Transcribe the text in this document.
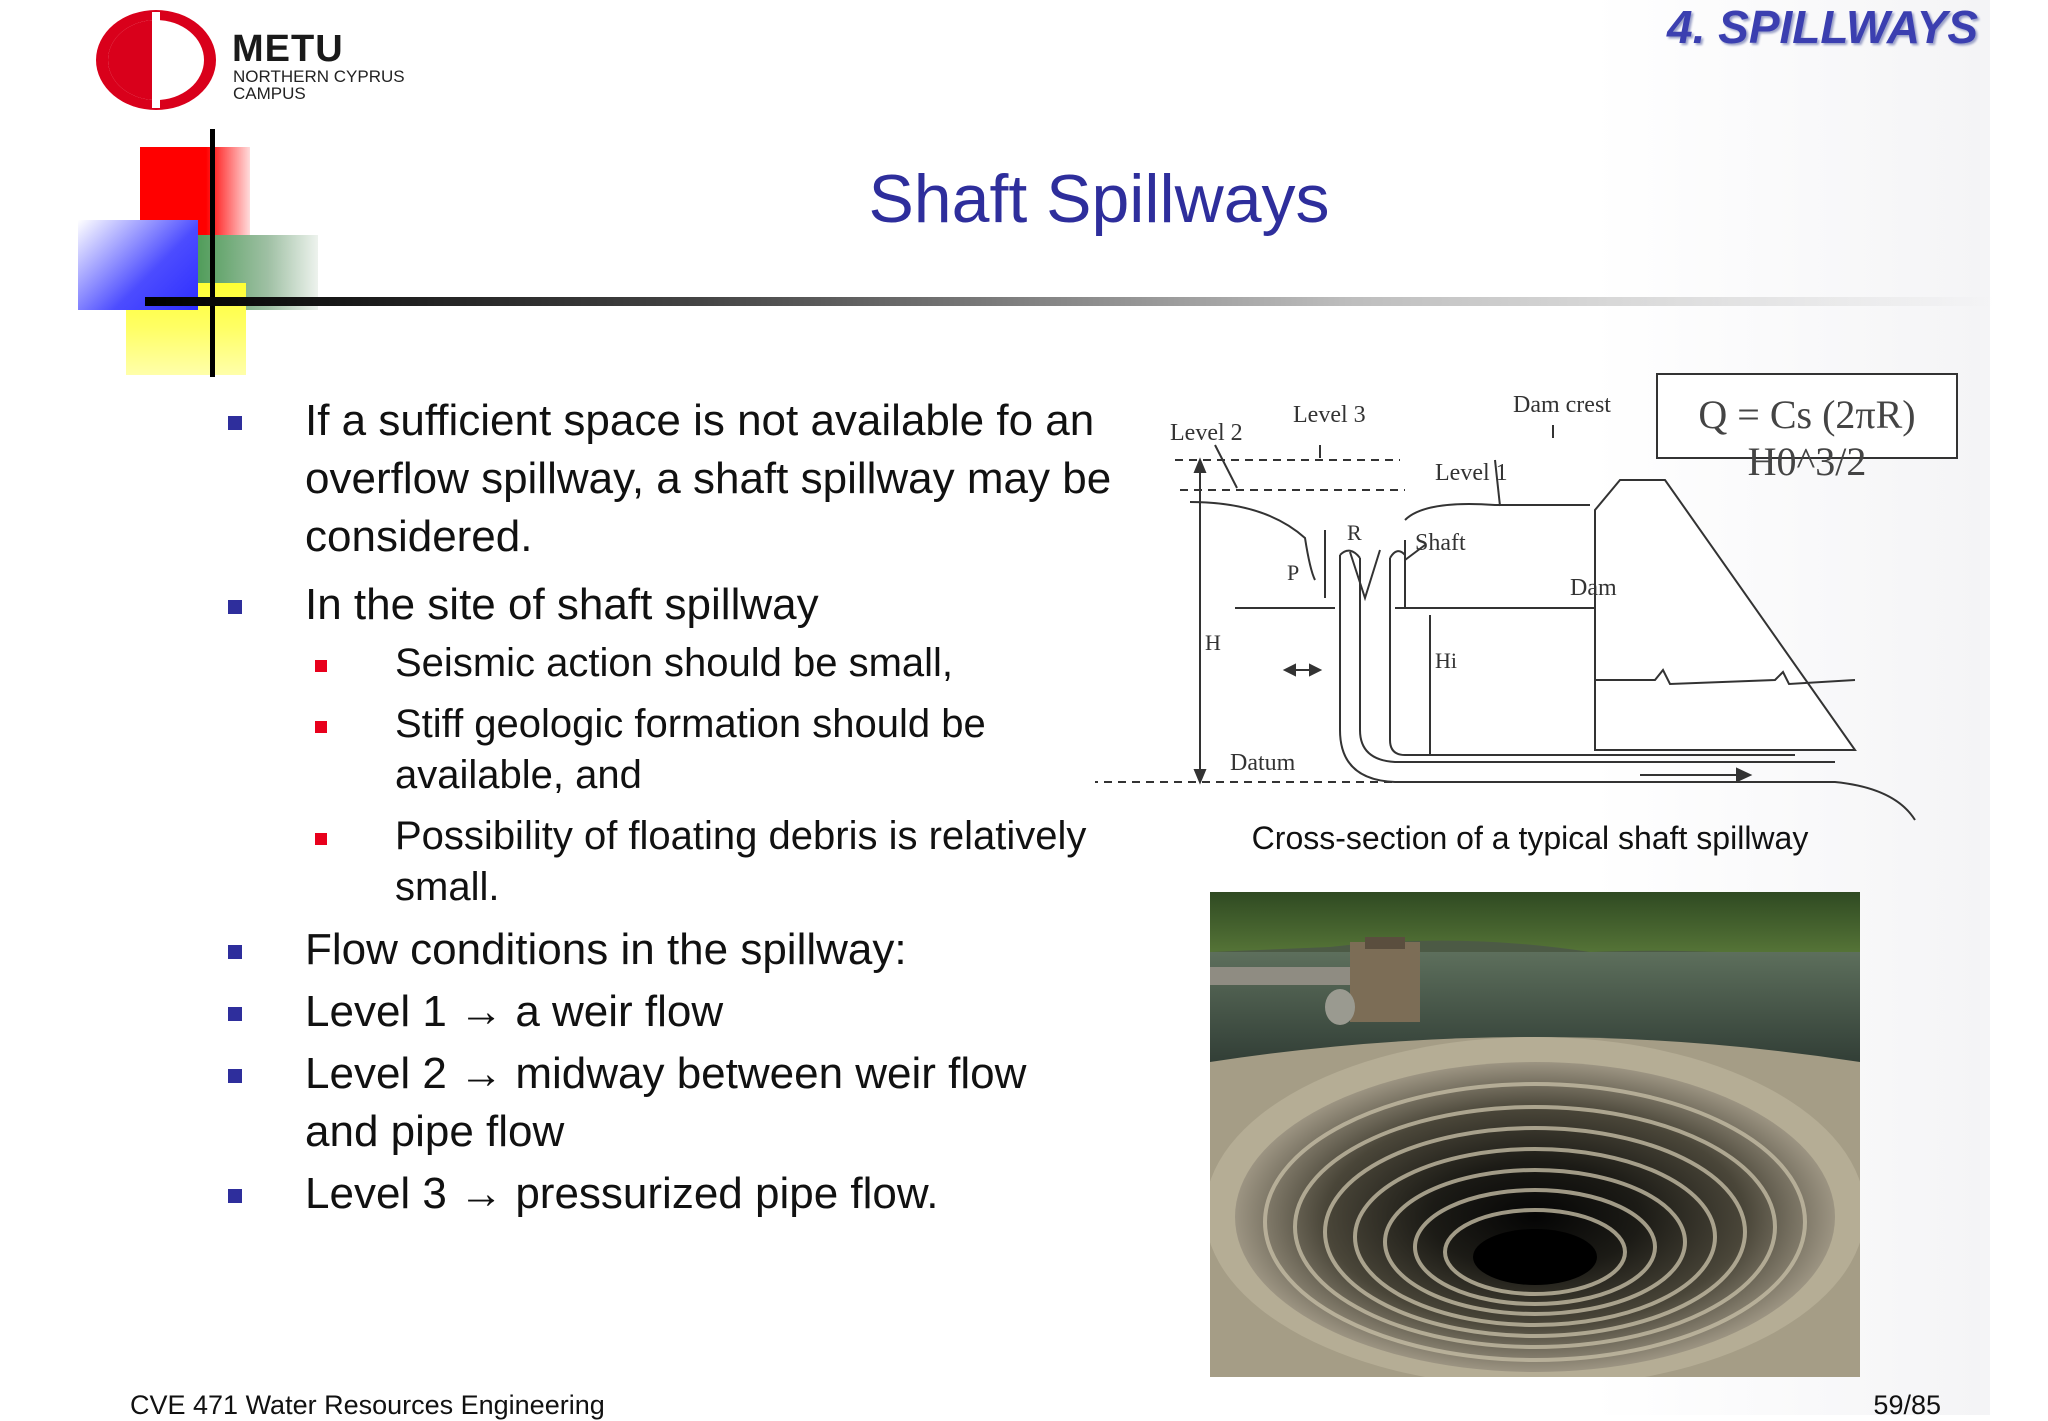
METU
NORTHERN CYPRUS
CAMPUS
4. SPILLWAYS
Shaft Spillways
If a sufficient space is not available fo an overflow spillway, a shaft spillway may be considered.
In the site of shaft spillway
Seismic action should be small,
Stiff geologic formation should be available, and
Possibility of floating debris is relatively small.
Flow conditions in the spillway:
Level 1 → a weir flow
Level 2 → midway between weir flow and pipe flow
Level 3 → pressurized pipe flow.
Level 2
Level 3	Dam crest
Level 1
R Shaft
P
Dam
H
Hi
Datum
Q = Cs (2πR) H0^3/2
Cross-section of a typical shaft spillway
CVE 471 Water Resources Engineering	59/85
